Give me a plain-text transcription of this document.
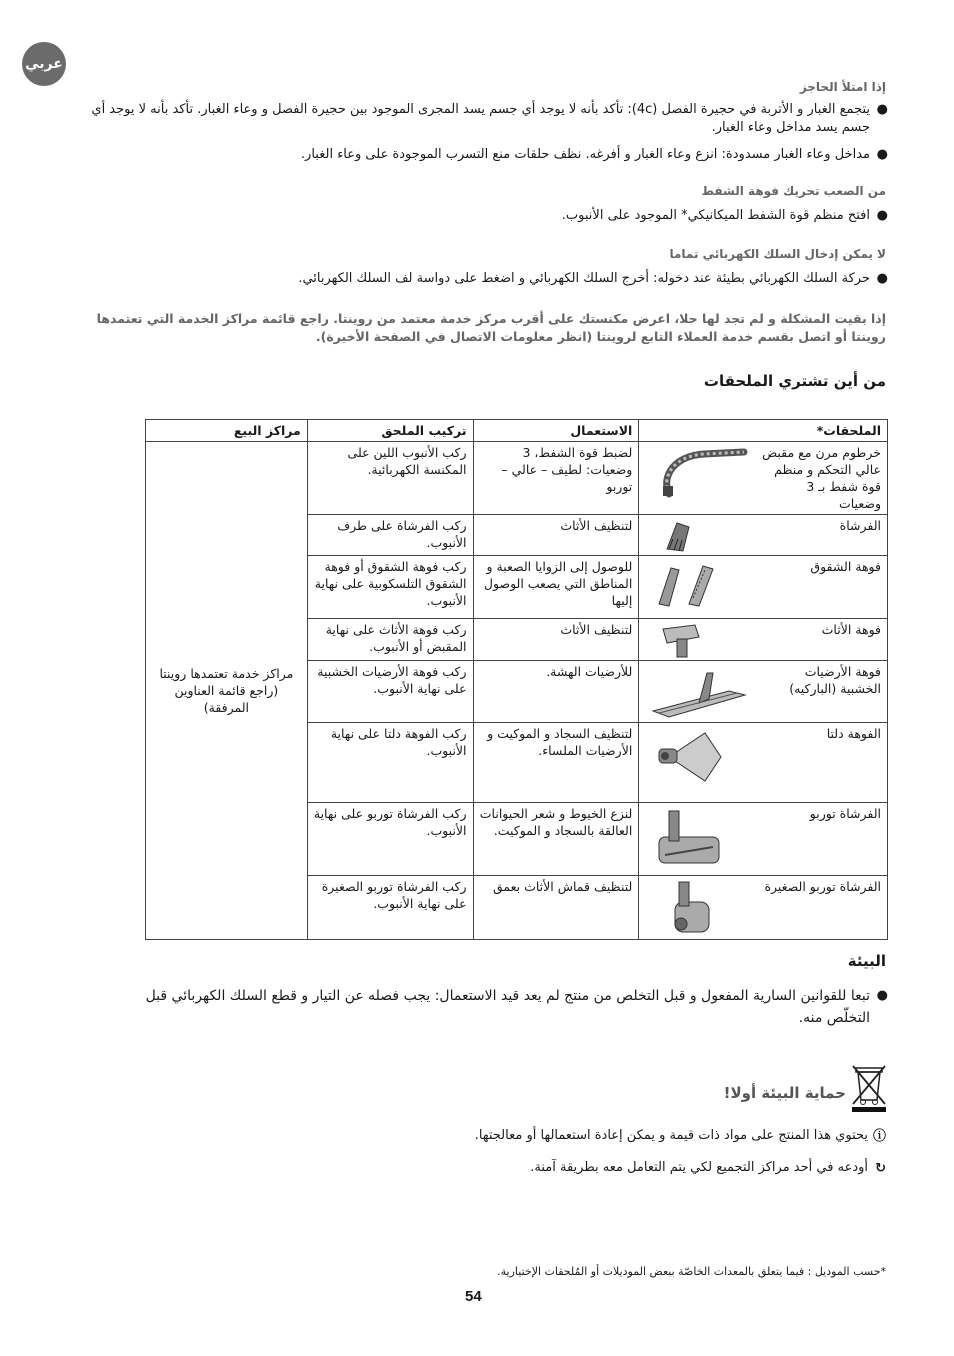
عربي
إذا امتلأ الحاجز
●
يتجمع الغبار و الأتربة في حجيرة الفصل (4c): تأكد بأنه لا يوجد أي جسم يسد المجرى الموجود بين حجيرة الفصل و وعاء الغبار. تأكد بأنه لا يوجد أي جسم يسد مداخل وعاء الغبار.
●
مداخل وعاء الغبار مسدودة: انزع وعاء الغبار و أفرغه. نظف حلقات منع التسرب الموجودة على وعاء الغبار.
من الصعب تحريك فوهة الشفط
●
افتح منظم قوة الشفط الميكانيكي* الموجود على الأنبوب.
لا يمكن إدخال السلك الكهربائي تماما
●
حركة السلك الكهربائي بطيئة عند دخوله: أخرج السلك الكهربائي و اضغط على دواسة لف السلك الكهربائي.
إذا بقيت المشكلة و لم تجد لها حلا، اعرض مكنستك على أقرب مركز خدمة معتمد من روينتا. راجع قائمة مراكز الخدمة التي تعتمدها روينتا أو اتصل بقسم خدمة العملاء التابع لروينتا (انظر معلومات الاتصال في الصفحة الأخيرة).
من أين تشتري الملحقات
الملحقات*	الاستعمال	تركيب الملحق	مراكز البيع

خرطوم مرن مع مقبض عالي التحكم و منظم قوة شفط بـ 3 وضعيات	لضبط قوة الشفط، 3 وضعيات: لطيف – عالي – توربو	ركب الأنبوب اللين على المكنسة الكهربائية.	مراكز خدمة تعتمدها روينتا (راجع قائمة العناوين المرفقة)

الفرشاة	لتنظيف الأثاث	ركب الفرشاة على طرف الأنبوب.	

فوهة الشقوق	للوصول إلى الزوايا الصعبة و المناطق التي يصعب الوصول إليها	ركب فوهة الشقوق أو فوهة الشقوق التلسكوبية على نهاية الأنبوب.	

فوهة الأثاث	لتنظيف الأثاث	ركب فوهة الأثاث على نهاية المقبض أو الأنبوب.	

فوهة الأرضيات الخشبية (الباركيه)	للأرضيات الهشة.	ركب فوهة الأرضيات الخشبية على نهاية الأنبوب.	

الفوهة دلتا	لتنظيف السجاد و الموكيت و الأرضيات الملساء.	ركب الفوهة دلتا على نهاية الأنبوب.	

الفرشاة توربو	لنزع الخيوط و شعر الحيوانات العالقة بالسجاد و الموكيت.	ركب الفرشاة توربو على نهاية الأنبوب.	

الفرشاة توربو الصغيرة	لتنظيف قماش الأثاث بعمق	ركب الفرشاة توربو الصغيرة على نهاية الأنبوب.	
البيئة
●
تبعا للقوانين السارية المفعول و قبل التخلص من منتج لم يعد قيد الاستعمال: يجب فصله عن التيار و قطع السلك الكهربائي قبل التخلّص منه.
حماية البيئة أولا!
ⓘ
يحتوي هذا المنتج على مواد ذات قيمة و يمكن إعادة استعمالها أو معالجتها.
↻
أودعه في أحد مراكز التجميع لكي يتم التعامل معه بطريقة آمنة.
*حسب الموديل : فيما يتعلق بالمعدات الخاصّة ببعض الموديلات أو المُلحقات الإختيارية.
54
